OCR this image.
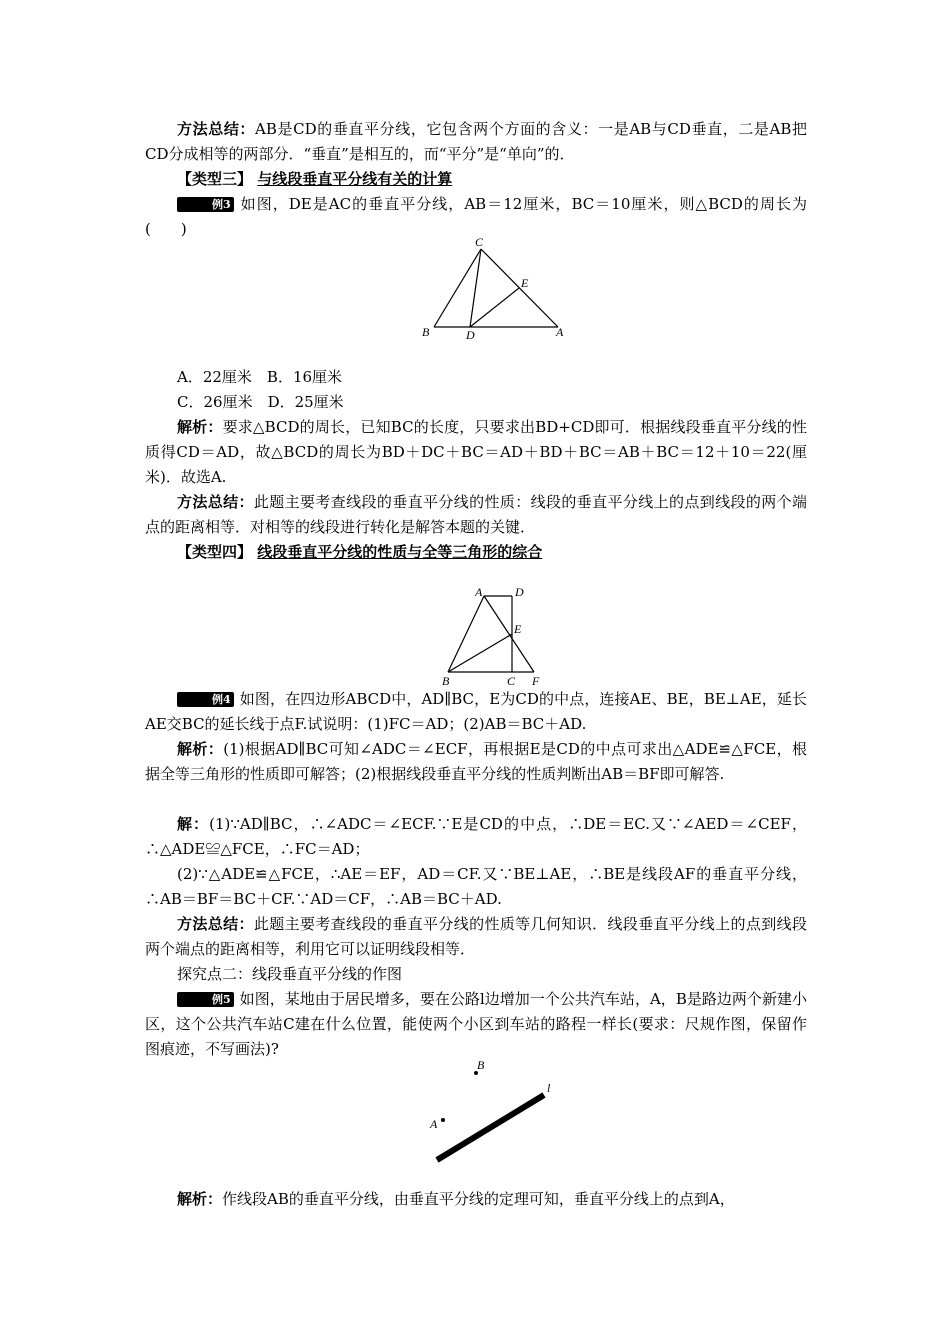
方法总结：AB是CD的垂直平分线，它包含两个方面的含义：一是AB与CD垂直，二是AB把CD分成相等的两部分．“垂直”是相互的，而“平分”是“单向”的．

【类型三】 与线段垂直平分线有关的计算

例3 如图，DE是AC的垂直平分线，AB＝12厘米，BC＝10厘米，则△BCD的周长为(　　)

C
E
B	D	A
A．22厘米　B．16厘米
C．26厘米　D．25厘米

解析：要求△BCD的周长，已知BC的长度，只要求出BD+CD即可．根据线段垂直平分线的性质得CD＝AD，故△BCD的周长为BD＋DC＋BC＝AD＋BD＋BC＝AB＋BC＝12＋10＝22(厘米)．故选A.

方法总结：此题主要考查线段的垂直平分线的性质：线段的垂直平分线上的点到线段的两个端点的距离相等．对相等的线段进行转化是解答本题的关键．

【类型四】 线段垂直平分线的性质与全等三角形的综合
A	D
E
B	C F

例4 如图，在四边形ABCD中，AD∥BC，E为CD的中点，连接AE、BE，BE⊥AE，延长AE交BC的延长线于点F.试说明：(1)FC＝AD；(2)AB＝BC＋AD.

解析：(1)根据AD∥BC可知∠ADC＝∠ECF，再根据E是CD的中点可求出△ADE≌△FCE，根据全等三角形的性质即可解答；(2)根据线段垂直平分线的性质判断出AB＝BF即可解答.

解：(1)∵AD∥BC，∴∠ADC＝∠ECF.∵E是CD的中点，∴DE＝EC.又∵∠AED＝∠CEF，∴△ADE≌△FCE，∴FC＝AD；

(2)∵△ADE≌△FCE，∴AE＝EF，AD＝CF.又∵BE⊥AE，∴BE是线段AF的垂直平分线，∴AB＝BF＝BC＋CF.∵AD＝CF，∴AB＝BC＋AD.

方法总结：此题主要考查线段的垂直平分线的性质等几何知识．线段垂直平分线上的点到线段两个端点的距离相等，利用它可以证明线段相等．

探究点二：线段垂直平分线的作图

例5 如图，某地由于居民增多，要在公路l边增加一个公共汽车站，A，B是路边两个新建小区，这个公共汽车站C建在什么位置，能使两个小区到车站的路程一样长(要求：尺规作图，保留作图痕迹，不写画法)?

B
l
A

解析：作线段AB的垂直平分线，由垂直平分线的定理可知，垂直平分线上的点到A，
